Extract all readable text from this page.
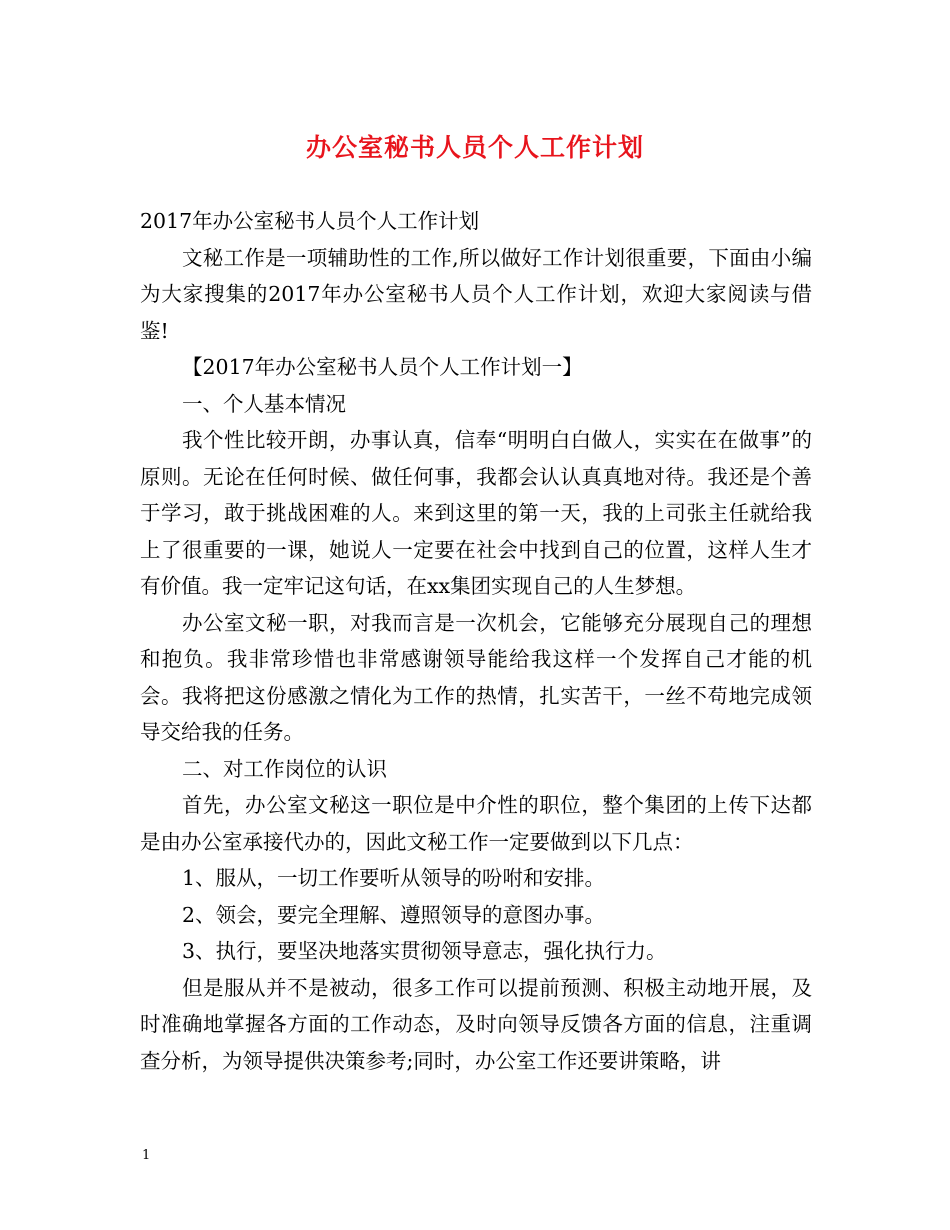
办公室秘书人员个人工作计划

2017年办公室秘书人员个人工作计划

文秘工作是一项辅助性的工作,所以做好工作计划很重要，下面由小编为大家搜集的2017年办公室秘书人员个人工作计划，欢迎大家阅读与借鉴!

【2017年办公室秘书人员个人工作计划一】

一、个人基本情况

我个性比较开朗，办事认真，信奉“明明白白做人，实实在在做事”的原则。无论在任何时候、做任何事，我都会认认真真地对待。我还是个善于学习，敢于挑战困难的人。来到这里的第一天，我的上司张主任就给我上了很重要的一课，她说人一定要在社会中找到自己的位置，这样人生才有价值。我一定牢记这句话，在xx集团实现自己的人生梦想。

办公室文秘一职，对我而言是一次机会，它能够充分展现自己的理想和抱负。我非常珍惜也非常感谢领导能给我这样一个发挥自己才能的机会。我将把这份感激之情化为工作的热情，扎实苦干，一丝不苟地完成领导交给我的任务。

二、对工作岗位的认识

首先，办公室文秘这一职位是中介性的职位，整个集团的上传下达都是由办公室承接代办的，因此文秘工作一定要做到以下几点：

1、服从，一切工作要听从领导的吩咐和安排。

2、领会，要完全理解、遵照领导的意图办事。

3、执行，要坚决地落实贯彻领导意志，强化执行力。

但是服从并不是被动，很多工作可以提前预测、积极主动地开展，及时准确地掌握各方面的工作动态，及时向领导反馈各方面的信息，注重调查分析，为领导提供决策参考;同时，办公室工作还要讲策略，讲

1
